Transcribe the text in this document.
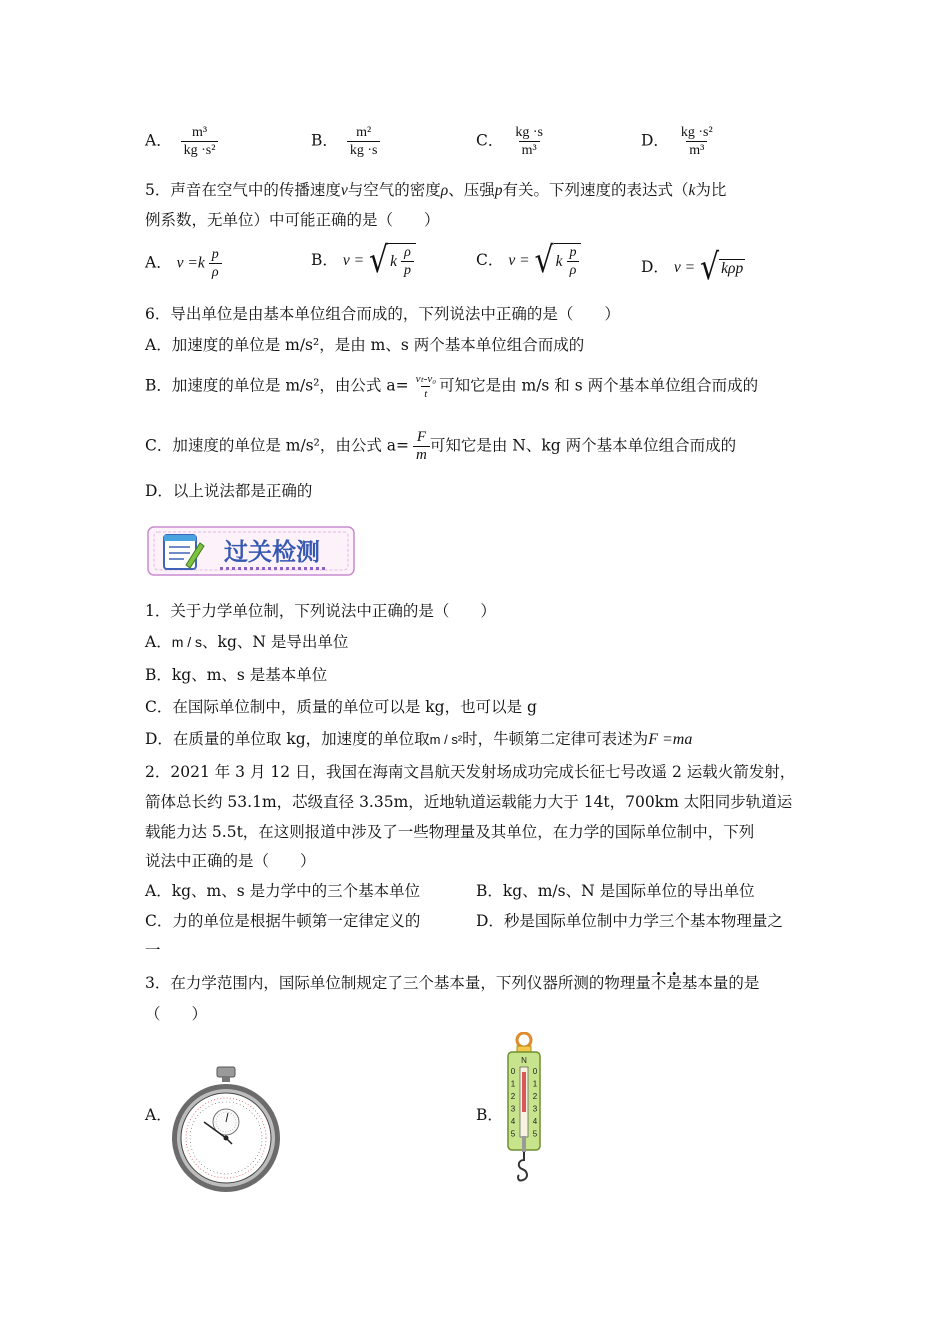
A． $\frac{\text{m³}}{\text{kg ·s²}}$	B． $\frac{\text{m²}}{kg \cdot s}$	C． $\frac{kg \cdot s}{\text{m³}}$	D． $\frac{\text{kg ·s²}}{\text{m³}}$
5．声音在空气中的传播速度v与空气的密度ρ、压强p有关。下列速度的表达式（k为比
例系数，无单位）中可能正确的是（　　）
A． $v =k \frac{p}{\rho}$	B． v = √ k $\frac{\rho}{p}$	C． v = √ k $\frac{p}{\rho}$	D． v = √ kρp
6．导出单位是由基本单位组合而成的，下列说法中正确的是（　　）
A．加速度的单位是 m/s²，是由 m、s 两个基本单位组合而成的
B．加速度的单位是 m/s²，由公式 $a= \frac{\text{vₜ-v₀}}{t}$ 可知它是由 m/s 和 s 两个基本单位组合而成的
C．加速度的单位是 m/s²，由公式 $a= \frac{F}{m}$ 可知它是由 N、kg 两个基本单位组合而成的
D．以上说法都是正确的
过关检测
1．关于力学单位制，下列说法中正确的是（　　）
A．m / s、kg、N 是导出单位
B．kg、m、s 是基本单位
C．在国际单位制中，质量的单位可以是 kg，也可以是 g
D．在质量的单位取 kg，加速度的单位取m / s²时，牛顿第二定律可表述为F =ma
2．2021 年 3 月 12 日，我国在海南文昌航天发射场成功完成长征七号改遥 2 运载火箭发射，
箭体总长约 53.1m，芯级直径 3.35m，近地轨道运载能力大于 14t，700km 太阳同步轨道运
载能力达 5.5t，在这则报道中涉及了一些物理量及其单位，在力学的国际单位制中，下列
说法中正确的是（　　）
A．kg、m、s 是力学中的三个基本单位	B．kg、m/s、N 是国际单位的导出单位
C．力的单位是根据牛顿第一定律定义的	D．秒是国际单位制中力学三个基本物理量之
一
3．在力学范围内，国际单位制规定了三个基本量，下列仪器所测的物理量不是基本量的是
（　　）
A．	B．
N
0 0
1 1
2 2
3 3
4 4
5 5
